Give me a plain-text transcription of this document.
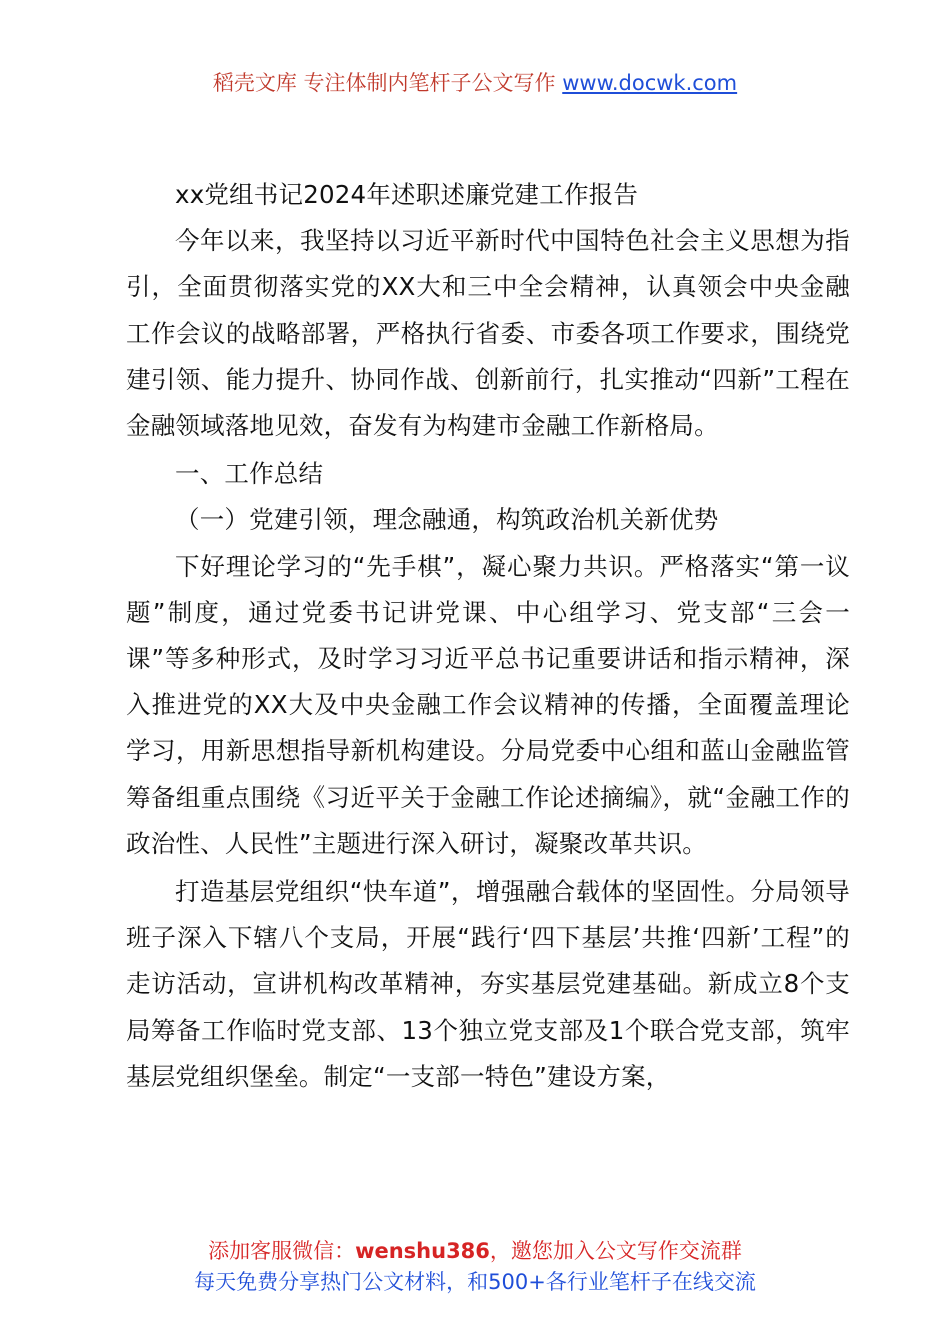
稻壳文库 专注体制内笔杆子公文写作 www.docwk.com

xx党组书记2024年述职述廉党建工作报告

今年以来，我坚持以习近平新时代中国特色社会主义思想为指引，全面贯彻落实党的XX大和三中全会精神，认真领会中央金融工作会议的战略部署，严格执行省委、市委各项工作要求，围绕党建引领、能力提升、协同作战、创新前行，扎实推动“四新”工程在金融领域落地见效，奋发有为构建市金融工作新格局。

一、工作总结

（一）党建引领，理念融通，构筑政治机关新优势

下好理论学习的“先手棋”，凝心聚力共识。严格落实“第一议题”制度，通过党委书记讲党课、中心组学习、党支部“三会一课”等多种形式，及时学习习近平总书记重要讲话和指示精神，深入推进党的XX大及中央金融工作会议精神的传播，全面覆盖理论学习，用新思想指导新机构建设。分局党委中心组和蓝山金融监管筹备组重点围绕《习近平关于金融工作论述摘编》，就“金融工作的政治性、人民性”主题进行深入研讨，凝聚改革共识。

打造基层党组织“快车道”，增强融合载体的坚固性。分局领导班子深入下辖八个支局，开展“践行‘四下基层’共推‘四新’工程”的走访活动，宣讲机构改革精神，夯实基层党建基础。新成立8个支局筹备工作临时党支部、13个独立党支部及1个联合党支部，筑牢基层党组织堡垒。制定“一支部一特色”建设方案，

添加客服微信：wenshu386，邀您加入公文写作交流群
每天免费分享热门公文材料，和500+各行业笔杆子在线交流
